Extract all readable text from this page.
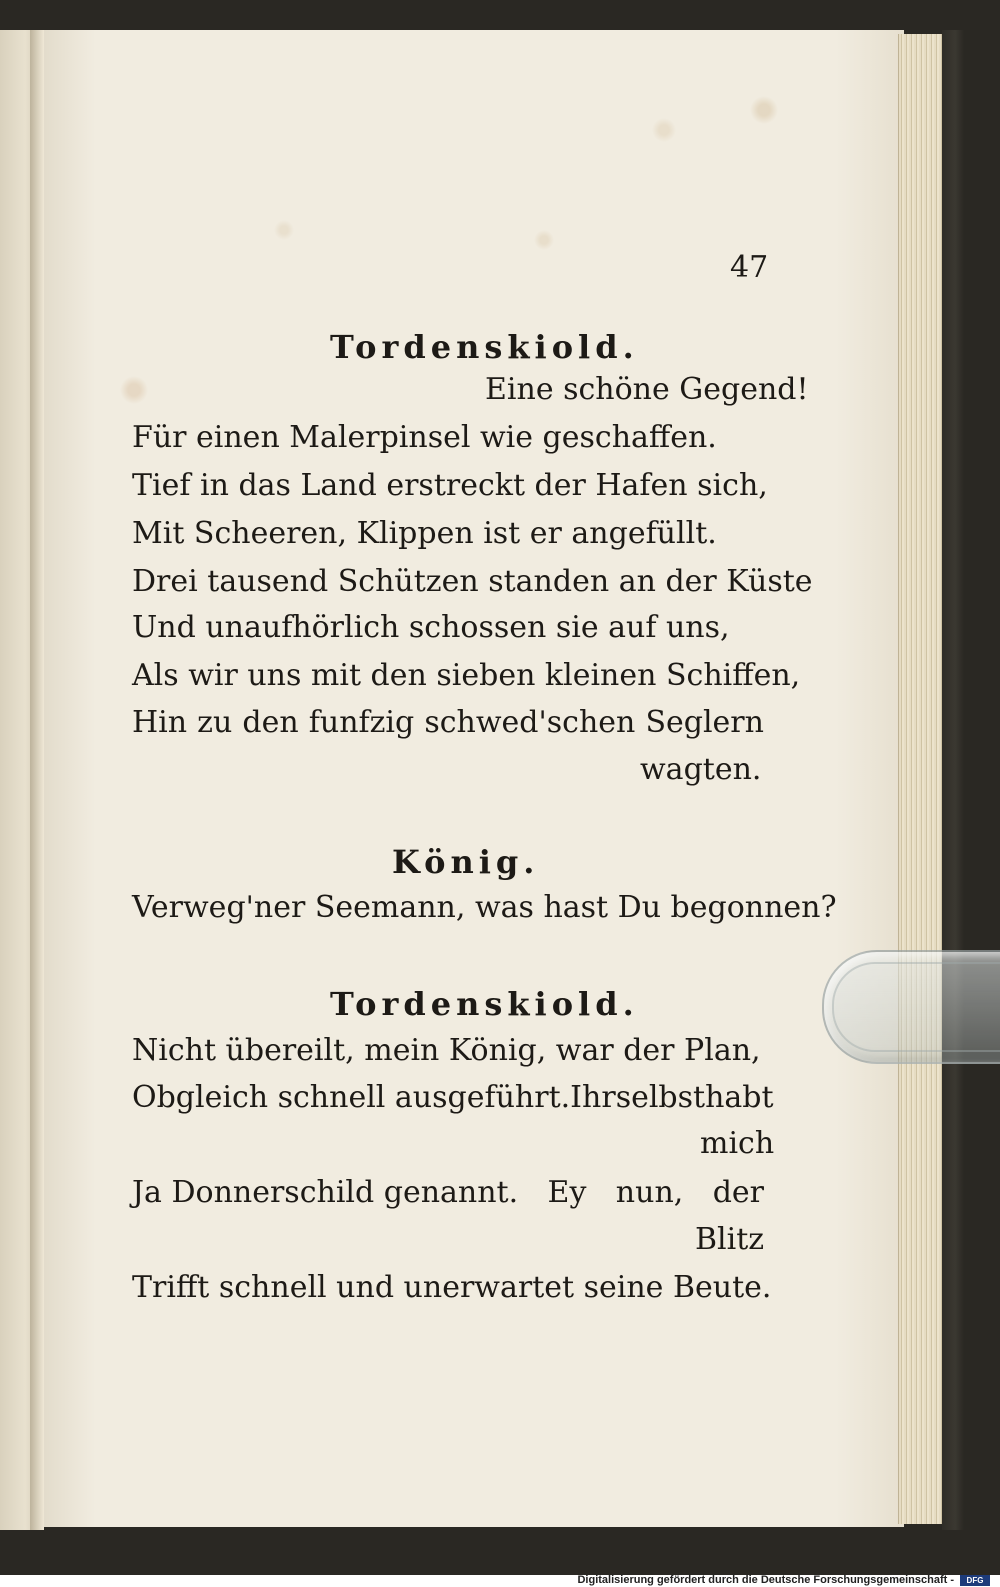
47
Tordenskiold.
Eine schöne Gegend!
Für einen Malerpinsel wie geschaffen.
Tief in das Land erstreckt der Hafen sich,
Mit Scheeren, Klippen ist er angefüllt.
Drei tausend Schützen standen an der Küste
Und unaufhörlich schossen sie auf uns,
Als wir uns mit den sieben kleinen Schiffen,
Hin zu den funfzig schwed'schen Seglern
wagten.
König.
Verweg'ner Seemann, was hast Du begonnen?
Tordenskiold.
Nicht übereilt, mein König, war der Plan,
Obgleich schnell ausgeführt. Ihr selbst habt
mich
Ja Donnerschild genannt. Ey nun, der
Blitz
Trifft schnell und unerwartet seine Beute.
Digitalisierung gefördert durch die Deutsche Forschungsgemeinschaft -	DFG
